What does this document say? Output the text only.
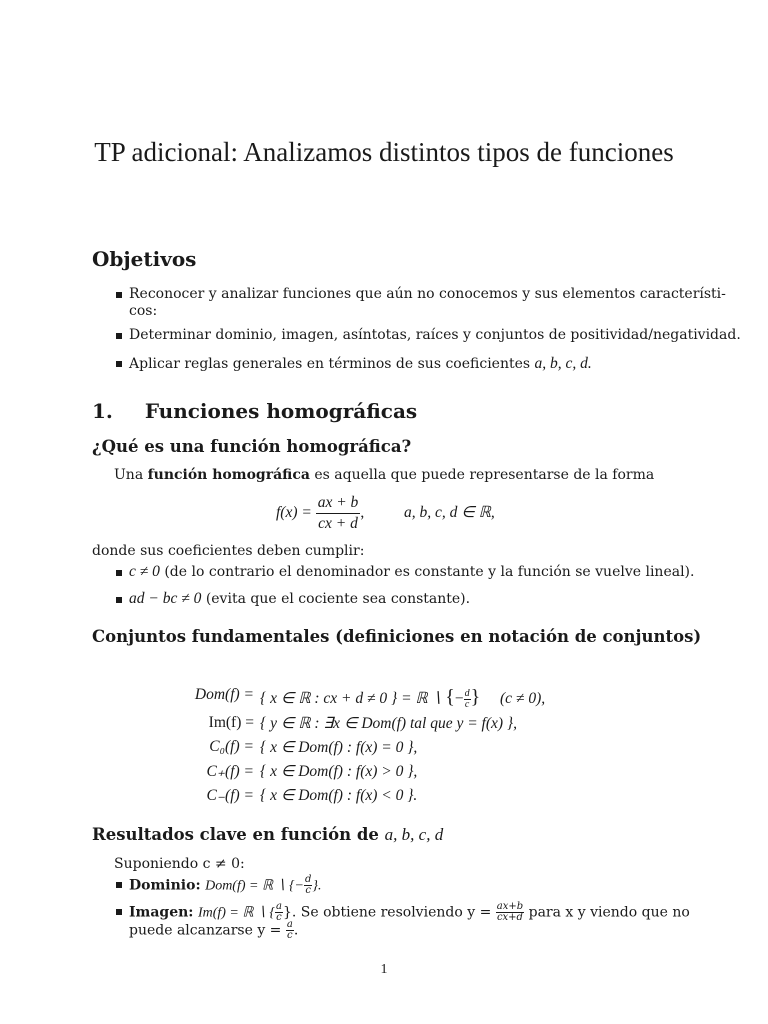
TP adicional: Analizamos distintos tipos de funciones
Objetivos
Reconocer y analizar funciones que aún no conocemos y sus elementos característi-
cos:
Determinar dominio, imagen, asíntotas, raíces y conjuntos de positividad/negatividad.
Aplicar reglas generales en términos de sus coeficientes a, b, c, d.
1. Funciones homográficas
¿Qué es una función homográfica?
Una función homográfica es aquella que puede representarse de la forma
$f(x) = \frac{ax + b}{cx + d}$ ,	a, b, c, d ∈ ℝ,
donde sus coeficientes deben cumplir:
c ≠ 0 (de lo contrario el denominador es constante y la función se vuelve lineal).
ad − bc ≠ 0 (evita que el cociente sea constante).
Conjuntos fundamentales (definiciones en notación de conjuntos)
Dom(f) = { x ∈ ℝ : cx + d ≠ 0 } = ℝ ∖ {− $\frac{d}{c}$ } (c ≠ 0),
Im(f) = { y ∈ ℝ : ∃x ∈ Dom(f) tal que y = f(x) },
C₀(f) = { x ∈ Dom(f) : f(x) = 0 },
C₊(f) = { x ∈ Dom(f) : f(x) > 0 },
C₋(f) = { x ∈ Dom(f) : f(x) < 0 }.
Resultados clave en función de a, b, c, d
Suponiendo c ≠ 0:
Dominio: Dom(f) = ℝ ∖ {− $\frac{d}{c}$ }.
Imagen: Im(f) = ℝ ∖ { $\frac{a}{c}$ }. Se obtiene resolviendo $y = \frac{ax+b}{cx+d}$ para x y viendo que no
puede alcanzarse $y = \frac{a}{c}$ .
1
